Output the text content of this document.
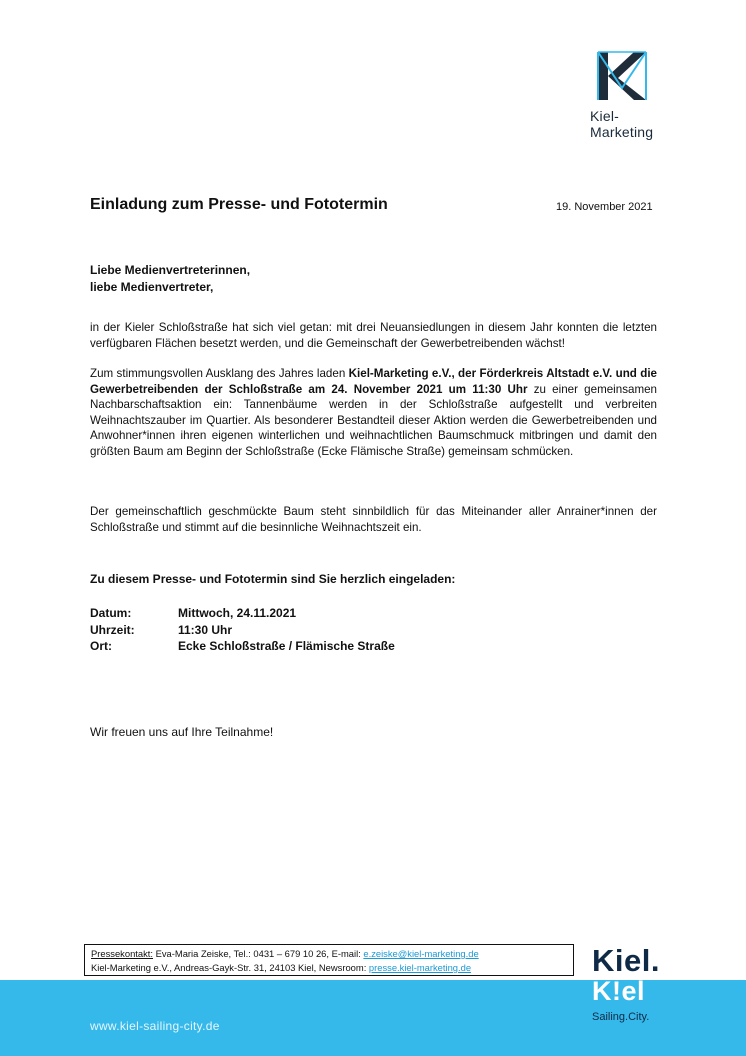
Kiel-Marketing
Einladung zum Presse- und Fototermin	19. November 2021
Liebe Medienvertreterinnen,
liebe Medienvertreter,
in der Kieler Schloßstraße hat sich viel getan: mit drei Neuansiedlungen in diesem Jahr konnten die letzten verfügbaren Flächen besetzt werden, und die Gemeinschaft der Gewerbetreibenden wächst!
Zum stimmungsvollen Ausklang des Jahres laden Kiel-Marketing e.V., der Förderkreis Altstadt e.V. und die Gewerbetreibenden der Schloßstraße am 24. November 2021 um 11:30 Uhr zu einer gemeinsamen Nachbarschaftsaktion ein: Tannenbäume werden in der Schloßstraße aufgestellt und verbreiten Weihnachtszauber im Quartier. Als besonderer Bestandteil dieser Aktion werden die Gewerbetreibenden und Anwohner*innen ihren eigenen winterlichen und weihnachtlichen Baumschmuck mitbringen und damit den größten Baum am Beginn der Schloßstraße (Ecke Flämische Straße) gemeinsam schmücken.
Der gemeinschaftlich geschmückte Baum steht sinnbildlich für das Miteinander aller Anrainer*innen der Schloßstraße und stimmt auf die besinnliche Weihnachtszeit ein.
Zu diesem Presse- und Fototermin sind Sie herzlich eingeladen:
Datum:	Mittwoch, 24.11.2021
Uhrzeit:	11:30 Uhr
Ort:	Ecke Schloßstraße / Flämische Straße
Wir freuen uns auf Ihre Teilnahme!
Pressekontakt: Eva-Maria Zeiske, Tel.: 0431 – 679 10 26, E-mail: e.zeiske@kiel-marketing.de
Kiel-Marketing e.V., Andreas-Gayk-Str. 31, 24103 Kiel, Newsroom: presse.kiel-marketing.de
www.kiel-sailing-city.de
Kiel.
K!el
Sailing.City.
